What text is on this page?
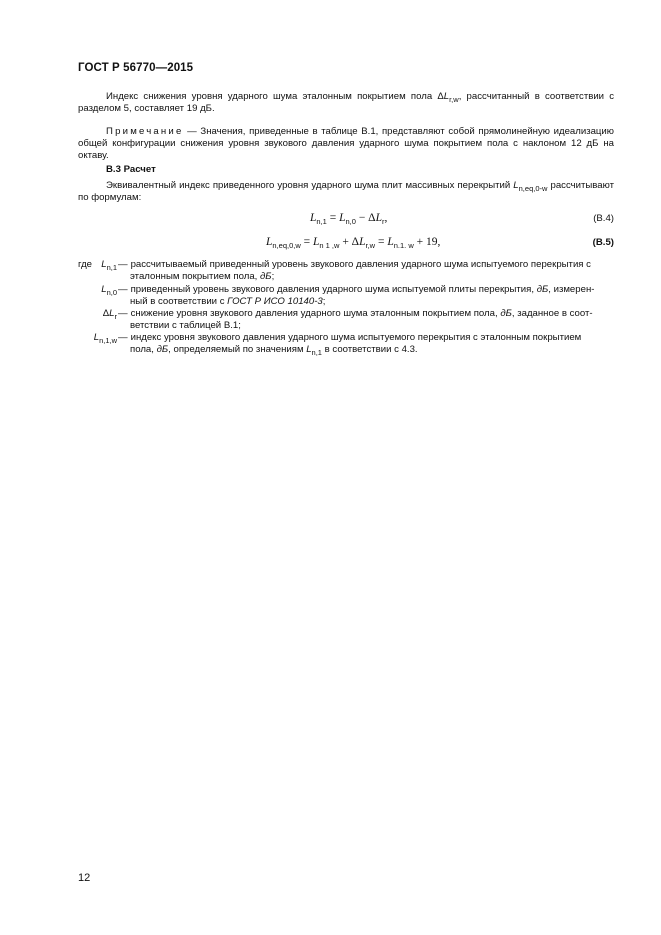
ГОСТ Р 56770—2015
Индекс снижения уровня ударного шума эталонным покрытием пола $\Delta L_{r,w}$, рассчитанный в соответствии с разделом 5, составляет 19 дБ.
Примечание — Значения, приведенные в таблице В.1, представляют собой прямолинейную идеализацию общей конфигурации снижения уровня звукового давления ударного шума покрытием пола с наклоном 12 дБ на октаву.
В.3 Расчет
Эквивалентный индекс приведенного уровня ударного шума плит массивных перекрытий $L_{n,eq,0-w}$ рассчитывают по формулам:
$L_{n,1} = L_{n,0} - \Delta L_r$,	(В.4)
$L_{n,eq,0,w} = L_{n 1 ,w} + \Delta L_{r,w} = L_{n.1. w} + 19$,	(В.5)
где $L_{n,1}$ — рассчитываемый приведенный уровень звукового давления ударного шума испытуемого перекрытия с
эталонным покрытием пола, дБ;
$L_{n,0}$ — приведенный уровень звукового давления ударного шума испытуемой плиты перекрытия, дБ, измерен-
ный в соответствии с ГОСТ Р ИСО 10140-3;
$\Delta L_r$ — снижение уровня звукового давления ударного шума эталонным покрытием пола, дБ, заданное в соот-
ветствии с таблицей В.1;
$L_{n,1,w}$ — индекс уровня звукового давления ударного шума испытуемого перекрытия с эталонным покрытием
пола, дБ, определяемый по значениям $L_{n,1}$ в соответствии с 4.3.
12
